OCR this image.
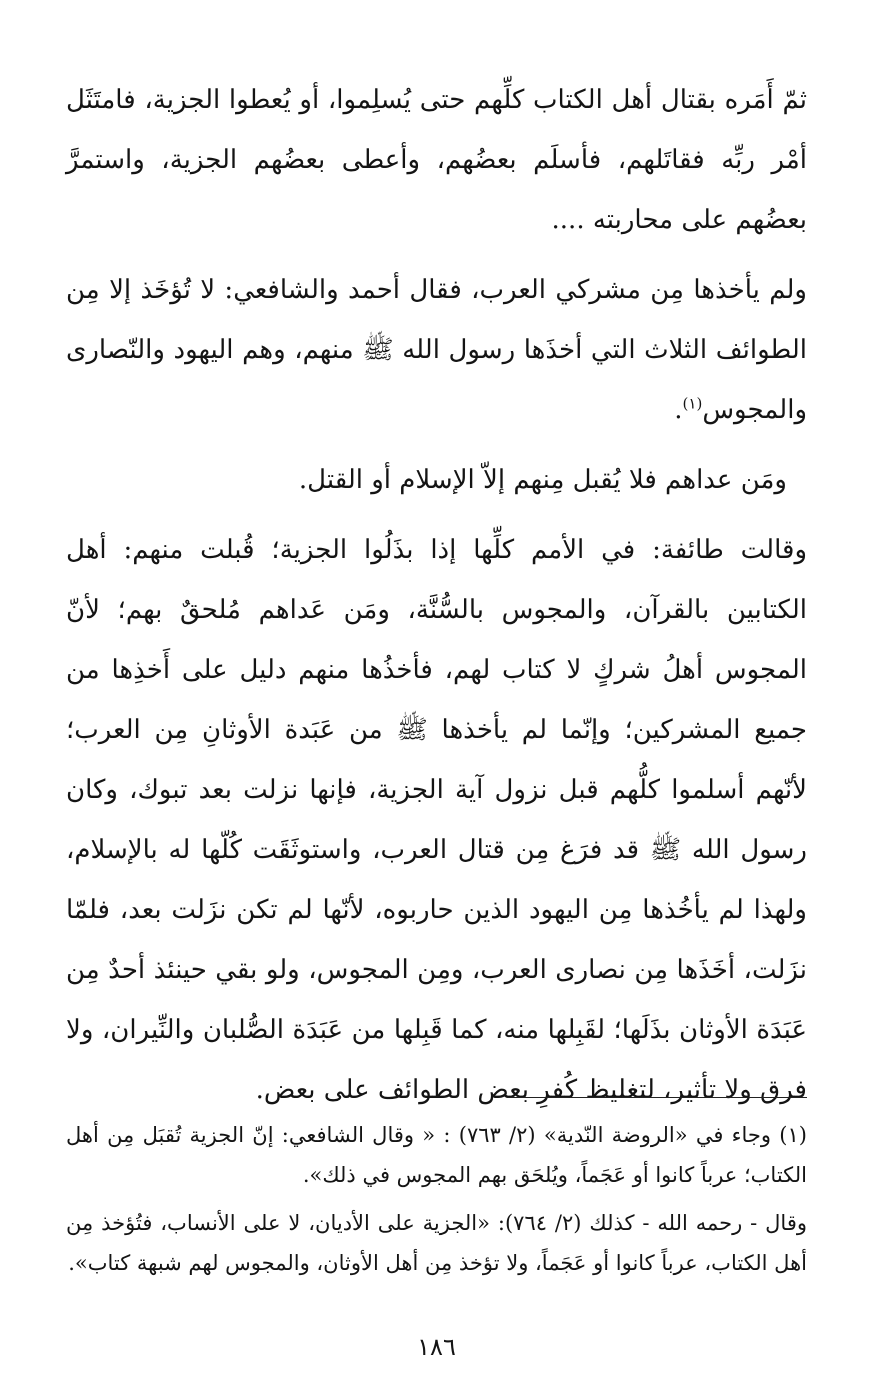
ثمّ أَمَره بقتال أهل الكتاب كلِّهم حتى يُسلِموا، أو يُعطوا الجزية، فامتَثَل أمْر ربِّه فقاتَلهم، فأسلَم بعضُهم، وأعطى بعضُهم الجزية، واستمرَّ بعضُهم على محاربته ....

ولم يأخذها مِن مشركي العرب، فقال أحمد والشافعي: لا تُؤخَذ إلا مِن الطوائف الثلاث التي أخذَها رسول الله ﷺ منهم، وهم اليهود والنّصارى والمجوس$^{(١)}$.

ومَن عداهم فلا يُقبل مِنهم إلاّ الإسلام أو القتل.

وقالت طائفة: في الأمم كلِّها إذا بذَلُوا الجزية؛ قُبلت منهم: أهل الكتابين بالقرآن، والمجوس بالسُّنَّة، ومَن عَداهم مُلحقٌ بهم؛ لأنّ المجوس أهلُ شركٍ لا كتاب لهم، فأخذُها منهم دليل على أَخذِها من جميع المشركين؛ وإنّما لم يأخذها ﷺ من عَبَدة الأوثانِ مِن العرب؛ لأنّهم أسلموا كلُّهم قبل نزول آية الجزية، فإنها نزلت بعد تبوك، وكان رسول الله ﷺ قد فرَغ مِن قتال العرب، واستوثَقَت كُلّها له بالإسلام، ولهذا لم يأخُذها مِن اليهود الذين حاربوه، لأنّها لم تكن نزَلت بعد، فلمّا نزَلت، أخَذَها مِن نصارى العرب، ومِن المجوس، ولو بقي حينئذ أحدٌ مِن عَبَدَة الأوثان بذَلَها؛ لقَبِلها منه، كما قَبِلها من عَبَدَة الصُّلبان والنِّيران، ولا فرق ولا تأثير، لتغليظ كُفرِ بعض الطوائف على بعض.

(١) وجاء في «الروضة النّدية» (٢/ ٧٦٣) : « وقال الشافعي: إنّ الجزية تُقبَل مِن أهل الكتاب؛ عرباً كانوا أو عَجَماً، ويُلحَق بهم المجوس في ذلك».

وقال - رحمه الله - كذلك (٢/ ٧٦٤): «الجزية على الأديان، لا على الأنساب، فتُؤخذ مِن أهل الكتاب، عرباً كانوا أو عَجَماً، ولا تؤخذ مِن أهل الأوثان، والمجوس لهم شبهة كتاب».

١٨٦
